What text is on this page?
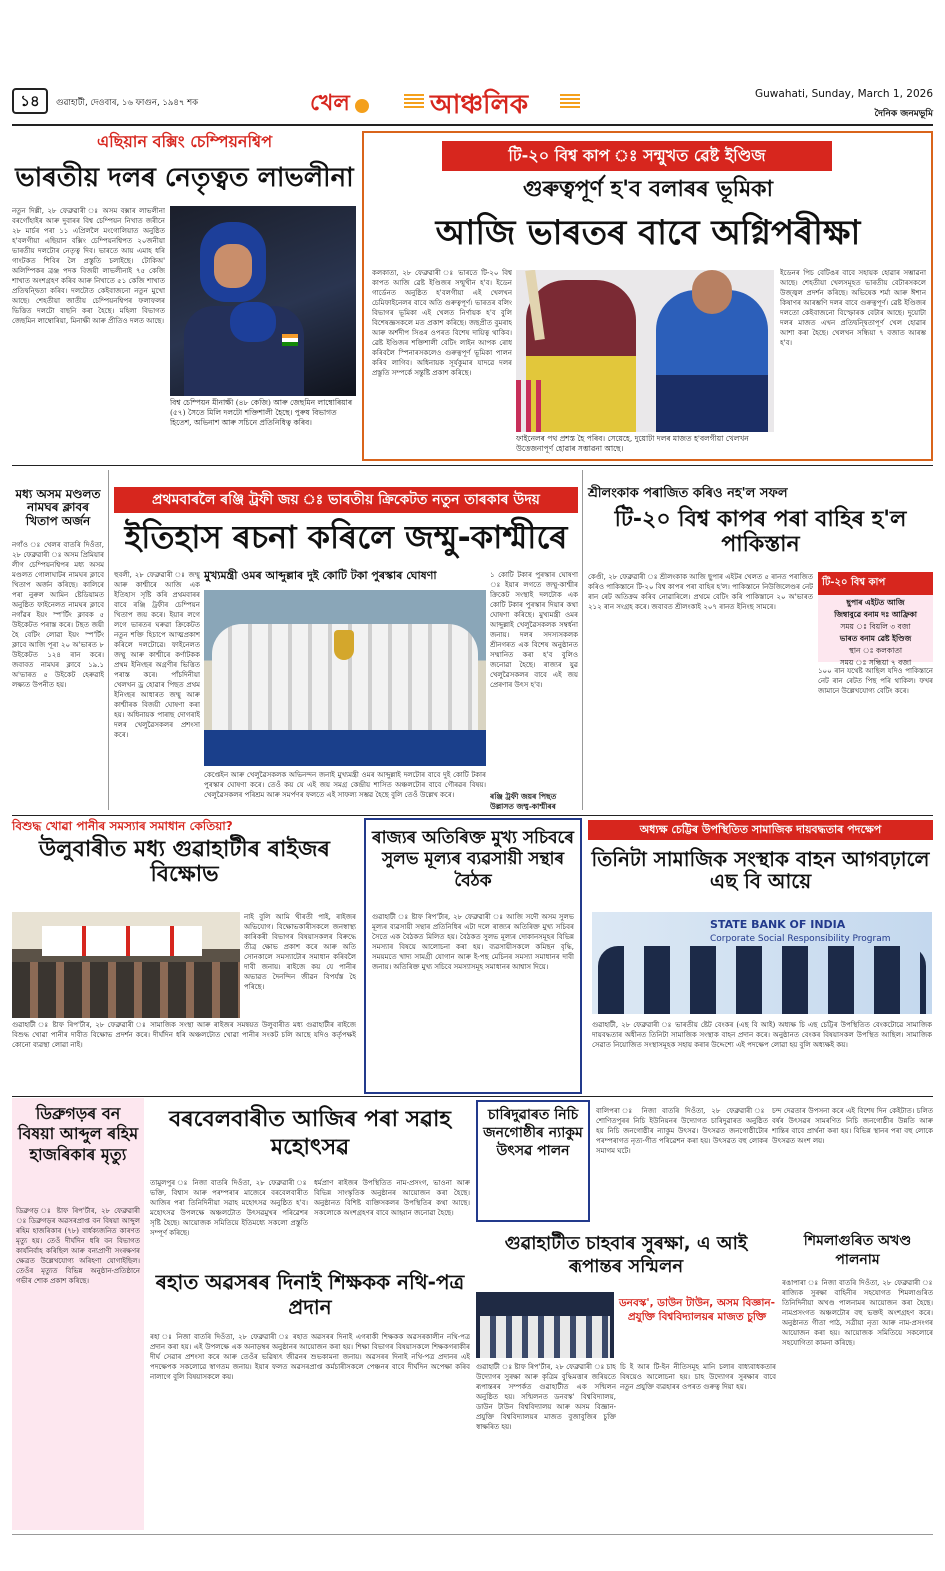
১৪	গুৱাহাটী, দেওবাৰ, ১৬ ফাগুন, ১৯৪৭ শক	খেল	আঞ্চলিক	Guwahati, Sunday, March 1, 2026
দৈনিক জনমভূমি
এছিয়ান বক্সিং চেম্পিয়নশ্বিপ
ভাৰতীয় দলৰ নেতৃত্বত লাভলীনা
নতুন দিল্লী, ২৮ ফেব্ৰুৱাৰী ঃ অসম বক্সাৰ লাভলীনা বৰগোঁহাইৰ আৰু দুবাৰৰ বিশ্ব চেম্পিয়ন নিখাত জৰীনে ২৮ মাৰ্চৰ পৰা ১১ এপ্ৰিললৈ মংগোলিয়াত অনুষ্ঠিত হ'বলগীয়া এছিয়ান বক্সিং চেম্পিয়নশ্বিপত ২০জনীয়া ভাৰতীয় দলটোৰ নেতৃত্ব দিব। ভাৰতে আয় এমাহ ধৰি গাংটকত শিবিৰ লৈ প্ৰস্তুতি চলাইছে। টোকিঅ' অলিম্পিকৰ ব্ৰঞ্জ পদক বিজয়ী লাভলীনাই ৭৫ কেজি শাখাত অংশগ্ৰহণ কৰিব আৰু নিখাতে ৫১ কেজি শাখাত প্ৰতিদ্বন্দ্বিতা কৰিব। দলটোত কেইবাজনো নতুন মুখো আছে। শেহতীয়া জাতীয় চেম্পিয়নশ্বিপৰ ফলাফলৰ ভিত্তিত দলটো বাছনি কৰা হৈছে। মহিলা বিভাগত জেছমিন লাম্বোৰিয়া, মিনাক্ষী আৰু প্ৰীতিও দলত আছে।
বিশ্ব চেম্পিয়ন মীনাক্ষী (৪৮ কেজি) আৰু জেছমিন লাম্বোৰিয়াৰ (৫৭) সৈতে মিলি দলটো শক্তিশালী হৈছে। পুৰুষ বিভাগত হিতেশ, অভিনাশ আৰু সচিনে প্ৰতিনিধিত্ব কৰিব।
টি-২০ বিশ্ব কাপ ঃ সন্মুখত ৱেষ্ট ইণ্ডিজ
গুৰুত্বপূৰ্ণ হ'ব বলাৰৰ ভূমিকা
আজি ভাৰতৰ বাবে অগ্নিপৰীক্ষা
কলকাতা, ২৮ ফেব্ৰুৱাৰী ঃ ভাৰতে টি-২০ বিশ্ব কাপত আজি ৱেষ্ট ইণ্ডিজৰ সন্মুখীন হ'ব। ইডেন গাৰ্ডেনত অনুষ্ঠিত হ'বলগীয়া এই খেলখন চেমিফাইনেলৰ বাবে অতি গুৰুত্বপূৰ্ণ। ভাৰতৰ বলিং বিভাগৰ ভূমিকা এই খেলত নিৰ্ণায়ক হ'ব বুলি বিশেষজ্ঞসকলে মত প্ৰকাশ কৰিছে। জছপ্ৰীত বুমৰাহ আৰু অৰ্শদীপ সিঙৰ ওপৰত বিশেষ দায়িত্ব থাকিব। ৱেষ্ট ইণ্ডিজৰ শক্তিশালী বেটিং লাইন আপক ৰোধ কৰিবলৈ স্পিনাৰসকলেও গুৰুত্বপূৰ্ণ ভূমিকা পালন কৰিব লাগিব। অধিনায়ক সূৰ্যকুমাৰ যাদৱে দলৰ প্ৰস্তুতি সম্পৰ্কে সন্তুষ্টি প্ৰকাশ কৰিছে।
ফাইনেলৰ পথ প্ৰশস্ত হৈ পৰিব। সেয়েহে, দুয়োটা দলৰ মাজত হ'বলগীয়া খেলখন উত্তেজনাপূৰ্ণ হোৱাৰ সম্ভাৱনা আছে।
ইডেনৰ পিচ বেটিঙৰ বাবে সহায়ক হোৱাৰ সম্ভাৱনা আছে। শেহতীয়া খেলসমূহত ভাৰতীয় বেটাৰসকলে উজ্জ্বল প্ৰদৰ্শন কৰিছে। অভিষেক শৰ্মা আৰু ঈশান কিষাণৰ আৰম্ভণি দলৰ বাবে গুৰুত্বপূৰ্ণ। ৱেষ্ট ইণ্ডিজৰ দলতো কেইবাজনো বিস্ফোৰক বেটাৰ আছে। দুয়োটা দলৰ মাজত এখন প্ৰতিদ্বন্দ্বিতাপূৰ্ণ খেল হোৱাৰ আশা কৰা হৈছে। খেলখন সন্ধিয়া ৭ বজাত আৰম্ভ হ'ব।
মধ্য অসম মণ্ডলত নামঘৰ ক্লাবৰ খিতাপ অৰ্জন
নগাঁও ঃ খেলৰ বাতৰি দিওঁতা, ২৮ ফেব্ৰুৱাৰী ঃ অসম প্ৰিমিয়াৰ লীগ চেম্পিয়নশ্বিপৰ মধ্য অসম মণ্ডলত গোলাঘাটৰ নামঘৰ ক্লাবে খিতাপ অৰ্জন কৰিছে। কালিৰে পৰা নুৰুল আমিন ষ্টেডিয়ামত অনুষ্ঠিত ফাইনেলত নামঘৰ ক্লাবে নগাঁৱৰ ইয়ং স্প'ৰ্টিং ক্লাবক ৫ উইকেটত পৰাস্ত কৰে। টছত জয়ী হৈ বেটিং লোৱা ইয়ং স্প'ৰ্টিং ক্লাবে আজি পূৰা ২০ অ'ভাৰত ৮ উইকেটত ১২৪ ৰান কৰে। জবাবত নামঘৰ ক্লাবে ১৯.১ অ'ভাৰত ৫ উইকেট হেৰুৱাই লক্ষ্যত উপনীত হয়।
প্ৰথমবাৰলৈ ৰঞ্জি ট্ৰফী জয় ঃ ভাৰতীয় ক্ৰিকেটত নতুন তাৰকাৰ উদয়
ইতিহাস ৰচনা কৰিলে জম্মু-কাশ্মীৰে
হুবলী, ২৮ ফেব্ৰুৱাৰী ঃ জম্মু আৰু কাশ্মীৰে আজি এক ইতিহাস সৃষ্টি কৰি প্ৰথমবাৰৰ বাবে ৰঞ্জি ট্ৰফীৰ চেম্পিয়ন খিতাপ জয় কৰে। ইয়াৰ লগে লগে ভাৰতৰ ঘৰুৱা ক্ৰিকেটত নতুন শক্তি হিচাপে আত্মপ্ৰকাশ কৰিলে দলটোৱে। ফাইনেলত জম্মু আৰু কাশ্মীৰে কৰ্ণাটকক প্ৰথম ইনিংছৰ অগ্ৰণীৰ ভিত্তিত পৰাস্ত কৰে। পাঁচদিনীয়া খেলখন ড্ৰ হোৱাৰ পিছত প্ৰথম ইনিংছৰ আধাৰত জম্মু আৰু কাশ্মীৰক বিজয়ী ঘোষণা কৰা হয়। অধিনায়ক পাৰাছ দোগৰাই দলৰ খেলুৱৈসকলৰ প্ৰশংসা কৰে।
মুখ্যমন্ত্ৰী ওমৰ আব্দুল্লাৰ দুই কোটি টকা পুৰস্কাৰ ঘোষণা
কেপ্তেইন আৰু খেলুৱৈসকলক অভিনন্দন জনাই মুখ্যমন্ত্ৰী ওমৰ আব্দুল্লাই দলটোৰ বাবে দুই কোটি টকাৰ পুৰস্কাৰ ঘোষণা কৰে। তেওঁ কয় যে এই জয় সমগ্ৰ কেন্দ্ৰীয় শাসিত অঞ্চলটোৰ বাবে গৌৰৱৰ বিষয়। খেলুৱৈসকলৰ পৰিশ্ৰম আৰু সমৰ্পণৰ ফলতে এই সাফল্য সম্ভৱ হৈছে বুলি তেওঁ উল্লেখ কৰে।
১ কোটি টকাৰ পুৰস্কাৰ ঘোষণা ঃ ইয়াৰ লগতে জম্মু-কাশ্মীৰ ক্ৰিকেট সংস্থাই দলটোক এক কোটি টকাৰ পুৰস্কাৰ দিয়াৰ কথা ঘোষণা কৰিছে। মুখ্যমন্ত্ৰী ওমৰ আব্দুল্লাই খেলুৱৈসকলক সম্বৰ্ধনা জনায়। দলৰ সদস্যসকলক শ্ৰীনগৰত এক বিশেষ অনুষ্ঠানত সম্মানিত কৰা হ'ব বুলিও জনোৱা হৈছে। ৰাজ্যৰ যুৱ খেলুৱৈসকলৰ বাবে এই জয় প্ৰেৰণাৰ উৎস হ'ব।
ৰঞ্জি ট্ৰফী জয়ৰ পিছত উল্লাসত জম্মু-কাশ্মীৰৰ
শ্ৰীলংকাক পৰাজিত কৰিও নহ'ল সফল
টি-২০ বিশ্ব কাপৰ পৰা বাহিৰ হ'ল পাকিস্তান
কেণ্ডী, ২৮ ফেব্ৰুৱাৰী ঃ শ্ৰীলংকাক আজি ছুপাৰ এইটৰ খেলত ৫ ৰানত পৰাজিত কৰিও পাকিস্তানে টি-২০ বিশ্ব কাপৰ পৰা বাহিৰ হ'ল। পাকিস্তানে নিউজিলেণ্ডৰ নেট ৰান ৰেট অতিক্ৰম কৰিব নোৱাৰিলে। প্ৰথমে বেটিং কৰি পাকিস্তানে ২০ অ'ভাৰত ২১২ ৰান সংগ্ৰহ কৰে। জবাবত শ্ৰীলংকাই ২০৭ ৰানত ইনিংছ সামৰে।
টি-২০ বিশ্ব কাপ
ছুপাৰ এইটত আজি
জিম্বাবুৱে বনাম দঃ আফ্ৰিকা
সময় ঃ বিয়লি ৩ বজা
ভাৰত বনাম ৱেষ্ট ইণ্ডিজ
স্থান ঃ কলকাতা
সময় ঃ সন্ধিয়া ৭ বজা
১০০ ৰান যথেষ্ট আছিল যদিও পাকিস্তানে নেট ৰান ৰেটত পিছ পৰি থাকিল। ফখৰ জামানে উল্লেখযোগ্য বেটিং কৰে।
বিশুদ্ধ খোৱা পানীৰ সমস্যাৰ সমাধান কেতিয়া?
উলুবাৰীত মধ্য গুৱাহাটীৰ ৰাইজৰ বিক্ষোভ
নাই বুলি আমি খীৰতী পাই, ৰাইজৰ অভিযোগ। বিক্ষোভকাৰীসকলে জনস্বাস্থ্য কাৰিকৰী বিভাগৰ বিষয়াসকলৰ বিৰুদ্ধে তীব্ৰ ক্ষোভ প্ৰকাশ কৰে আৰু অতি সোনকালে সমস্যাটোৰ সমাধান কৰিবলৈ দাবী জনায়। ৰাইজে কয় যে পানীৰ অভাৱত দৈনন্দিন জীৱন বিপৰ্যস্ত হৈ পৰিছে।
গুৱাহাটী ঃ ষ্টাফ ৰিপ'ৰ্টাৰ, ২৮ ফেব্ৰুৱাৰী ঃ সামাজিক সংস্থা আৰু ৰাইজৰ সমন্বয়ত উলুবাৰীত মধ্য গুৱাহাটীৰ ৰাইজে বিশুদ্ধ খোৱা পানীৰ দাবীত বিক্ষোভ প্ৰদৰ্শন কৰে। দীৰ্ঘদিন ধৰি অঞ্চলটোত খোৱা পানীৰ সংকট চলি আছে যদিও কৰ্তৃপক্ষই কোনো ব্যৱস্থা লোৱা নাই।
ৰাজ্যৰ অতিৰিক্ত মুখ্য সচিবৰে সুলভ মূল্যৰ ব্যৱসায়ী সন্থাৰ বৈঠক
গুৱাহাটী ঃ ষ্টাফ ৰিপ'ৰ্টাৰ, ২৮ ফেব্ৰুৱাৰী ঃ আজি সদৌ অসম সুলভ মূল্যৰ ব্যৱসায়ী সন্থাৰ প্ৰতিনিধিৰ এটা দলে ৰাজ্যৰ অতিৰিক্ত মুখ্য সচিবৰ সৈতে এক বৈঠকত মিলিত হয়। বৈঠকত সুলভ মূল্যৰ দোকানসমূহৰ বিভিন্ন সমস্যাৰ বিষয়ে আলোচনা কৰা হয়। ব্যৱসায়ীসকলে কমিছন বৃদ্ধি, সময়মতে খাদ্য সামগ্ৰী যোগান আৰু ই-পছ মেচিনৰ সমস্যা সমাধানৰ দাবী জনায়। অতিৰিক্ত মুখ্য সচিবে সমস্যাসমূহ সমাধানৰ আশ্বাস দিয়ে।
অধ্যক্ষ চেট্টিৰ উপস্থিতিত সামাজিক দায়বদ্ধতাৰ পদক্ষেপ
তিনিটা সামাজিক সংস্থাক বাহন আগবঢ়ালে এছ বি আয়ে
STATE BANK OF INDIA
Corporate Social Responsibility Program
গুৱাহাটী, ২৮ ফেব্ৰুৱাৰী ঃ ভাৰতীয় ষ্টেট বেংকৰ (এছ বি আই) অধ্যক্ষ চি এছ চেট্টিৰ উপস্থিতিত বেংকটোৱে সামাজিক দায়বদ্ধতাৰ অধীনত তিনিটা সামাজিক সংস্থাক বাহন প্ৰদান কৰে। অনুষ্ঠানত বেংকৰ বিষয়াসকল উপস্থিত আছিল। সামাজিক সেৱাত নিয়োজিত সংস্থাসমূহক সহায় কৰাৰ উদ্দেশ্যে এই পদক্ষেপ লোৱা হয় বুলি অধ্যক্ষই কয়।
ডিব্ৰুগড়ৰ বন বিষয়া আব্দুল ৰহিম হাজৰিকাৰ মৃত্যু
ডিব্ৰুগড় ঃ ষ্টাফ ৰিপ'ৰ্টাৰ, ২৮ ফেব্ৰুৱাৰী ঃ ডিব্ৰুগড়ৰ অৱসৰপ্ৰাপ্ত বন বিষয়া আব্দুল ৰহিম হাজৰিকাৰ (৭৮) বাৰ্ধক্যজনিত কাৰণত মৃত্যু হয়। তেওঁ দীৰ্ঘদিন ধৰি বন বিভাগত কাৰ্যনিৰ্বাহ কৰিছিল আৰু বন্যপ্ৰাণী সংৰক্ষণৰ ক্ষেত্ৰত উল্লেখযোগ্য অৰিহণা যোগাইছিল। তেওঁৰ মৃত্যুত বিভিন্ন অনুষ্ঠান-প্ৰতিষ্ঠানে গভীৰ শোক প্ৰকাশ কৰিছে।
বৰবেলবাৰীত আজিৰ পৰা সৱাহ মহোৎসৱ
তামুলপুৰ ঃ নিজা বাতৰি দিওঁতা, ২৮ ফেব্ৰুৱাৰী ঃ ভক্তি, বিশ্বাস আৰু পৰম্পৰাৰ মাজেৰে বৰবেলবাৰীত আজিৰ পৰা তিনিদিনীয়া সৱাহ মহোৎসৱ অনুষ্ঠিত হ'ব। মহোৎসৱ উপলক্ষে অঞ্চলটোত উৎসৱমুখৰ পৰিৱেশৰ সৃষ্টি হৈছে। আয়োজক সমিতিয়ে ইতিমধ্যে সকলো প্ৰস্তুতি সম্পূৰ্ণ কৰিছে।
ধৰ্মপ্ৰাণ ৰাইজৰ উপস্থিতিত নাম-প্ৰসংগ, ভাওনা আৰু বিভিন্ন সাংস্কৃতিক অনুষ্ঠানৰ আয়োজন কৰা হৈছে। অনুষ্ঠানত বিশিষ্ট ব্যক্তিসকলৰ উপস্থিতিৰ কথা আছে। সকলোকে অংশগ্ৰহণৰ বাবে আহ্বান জনোৱা হৈছে।
ৰহাত অৱসৰৰ দিনাই শিক্ষকক নথি-পত্ৰ প্ৰদান
ৰহা ঃ নিজা বাতৰি দিওঁতা, ২৮ ফেব্ৰুৱাৰী ঃ ৰহাত অৱসৰৰ দিনাই এগৰাকী শিক্ষকক অৱসৰকালীন নথি-পত্ৰ প্ৰদান কৰা হয়। এই উপলক্ষে এক অনাড়ম্বৰ অনুষ্ঠানৰ আয়োজন কৰা হয়। শিক্ষা বিভাগৰ বিষয়াসকলে শিক্ষকগৰাকীৰ দীৰ্ঘ সেৱাৰ প্ৰশংসা কৰে আৰু তেওঁৰ ভৱিষ্যৎ জীৱনৰ শুভকামনা জনায়। অৱসৰৰ দিনাই নথি-পত্ৰ প্ৰদানৰ এই পদক্ষেপক সকলোৱে স্বাগতম জনায়। ইয়াৰ ফলত অৱসৰপ্ৰাপ্ত কৰ্মচাৰীসকলে পেঞ্চনৰ বাবে দীৰ্ঘদিন অপেক্ষা কৰিব নালাগে বুলি বিষয়াসকলে কয়।
চাৰিদুৱাৰত নিচি জনগোষ্ঠীৰ ন্যাকুম উৎসৱ পালন
বালিপৰা ঃ নিজা বাতৰি দিওঁতা, ২৮ ফেব্ৰুৱাৰী ঃ শোণিতপুৰৰ নিচি ইউনিয়নৰ উদ্যোগত চাৰিদুৱাৰত অনুষ্ঠিত হয় নিচি জনগোষ্ঠীৰ ন্যাকুম উৎসৱ। উৎসৱত জনগোষ্ঠীটোৰ পৰম্পৰাগত নৃত্য-গীত পৰিৱেশন কৰা হয়। উৎসৱত বহু লোকৰ সমাগম ঘটে।
চন্দ দেৱতাৰ উপসনা কৰে এই বিশেষ দিন কেইটাত। চলিত বৰ্ষৰ উৎসৱৰ সামৰণিত নিচি জনগোষ্ঠীৰ উন্নতি আৰু শান্তিৰ বাবে প্ৰাৰ্থনা কৰা হয়। বিভিন্ন স্থানৰ পৰা বহু লোকে উৎসৱত অংশ লয়।
গুৱাহাটীত চাহবাৰ সুৰক্ষা, এ আই ৰূপান্তৰ সন্মিলন
ডনবস্ক', ডাউন টাউন, অসম বিজ্ঞান-প্ৰযুক্তি বিশ্ববিদ্যালয়ৰ মাজত চুক্তি
গুৱাহাটী ঃ ষ্টাফ ৰিপ'ৰ্টাৰ, ২৮ ফেব্ৰুৱাৰী ঃ চাহ উদ্যোগৰ সুৰক্ষা আৰু কৃত্ৰিম বুদ্ধিমত্তাৰ জৰিয়তে ৰূপান্তৰৰ সম্পৰ্কত গুৱাহাটীত এক সন্মিলন অনুষ্ঠিত হয়। সন্মিলনত ডনবস্ক' বিশ্ববিদ্যালয়, ডাউন টাউন বিশ্ববিদ্যালয় আৰু অসম বিজ্ঞান-প্ৰযুক্তি বিশ্ববিদ্যালয়ৰ মাজত বুজাবুজিৰ চুক্তি স্বাক্ষৰিত হয়।
চি ই আৰ টি-ইন নীতিসমূহ মানি চলাৰ বাধ্যবাধকতাৰ বিষয়েও আলোচনা হয়। চাহ উদ্যোগৰ সুৰক্ষাৰ বাবে নতুন প্ৰযুক্তি ব্যৱহাৰৰ ওপৰত গুৰুত্ব দিয়া হয়।
শিমলাগুৰিত অখণ্ড পালনাম
ৰঙাপাৰা ঃ নিজা বাতৰি দিওঁতা, ২৮ ফেব্ৰুৱাৰী ঃ ৰাজ্যিক সুৰক্ষা বাহিনীৰ সহযোগত শিমলাগুৰিত তিনিদিনীয়া অখণ্ড পালনামৰ আয়োজন কৰা হৈছে। নামপ্ৰসংগত অঞ্চলটোৰ বহু ভক্তই অংশগ্ৰহণ কৰে। অনুষ্ঠানত গীতা পাঠ, সত্ৰীয়া নৃত্য আৰু নাম-প্ৰসংগৰ আয়োজন কৰা হয়। আয়োজক সমিতিয়ে সকলোৰে সহযোগিতা কামনা কৰিছে।
